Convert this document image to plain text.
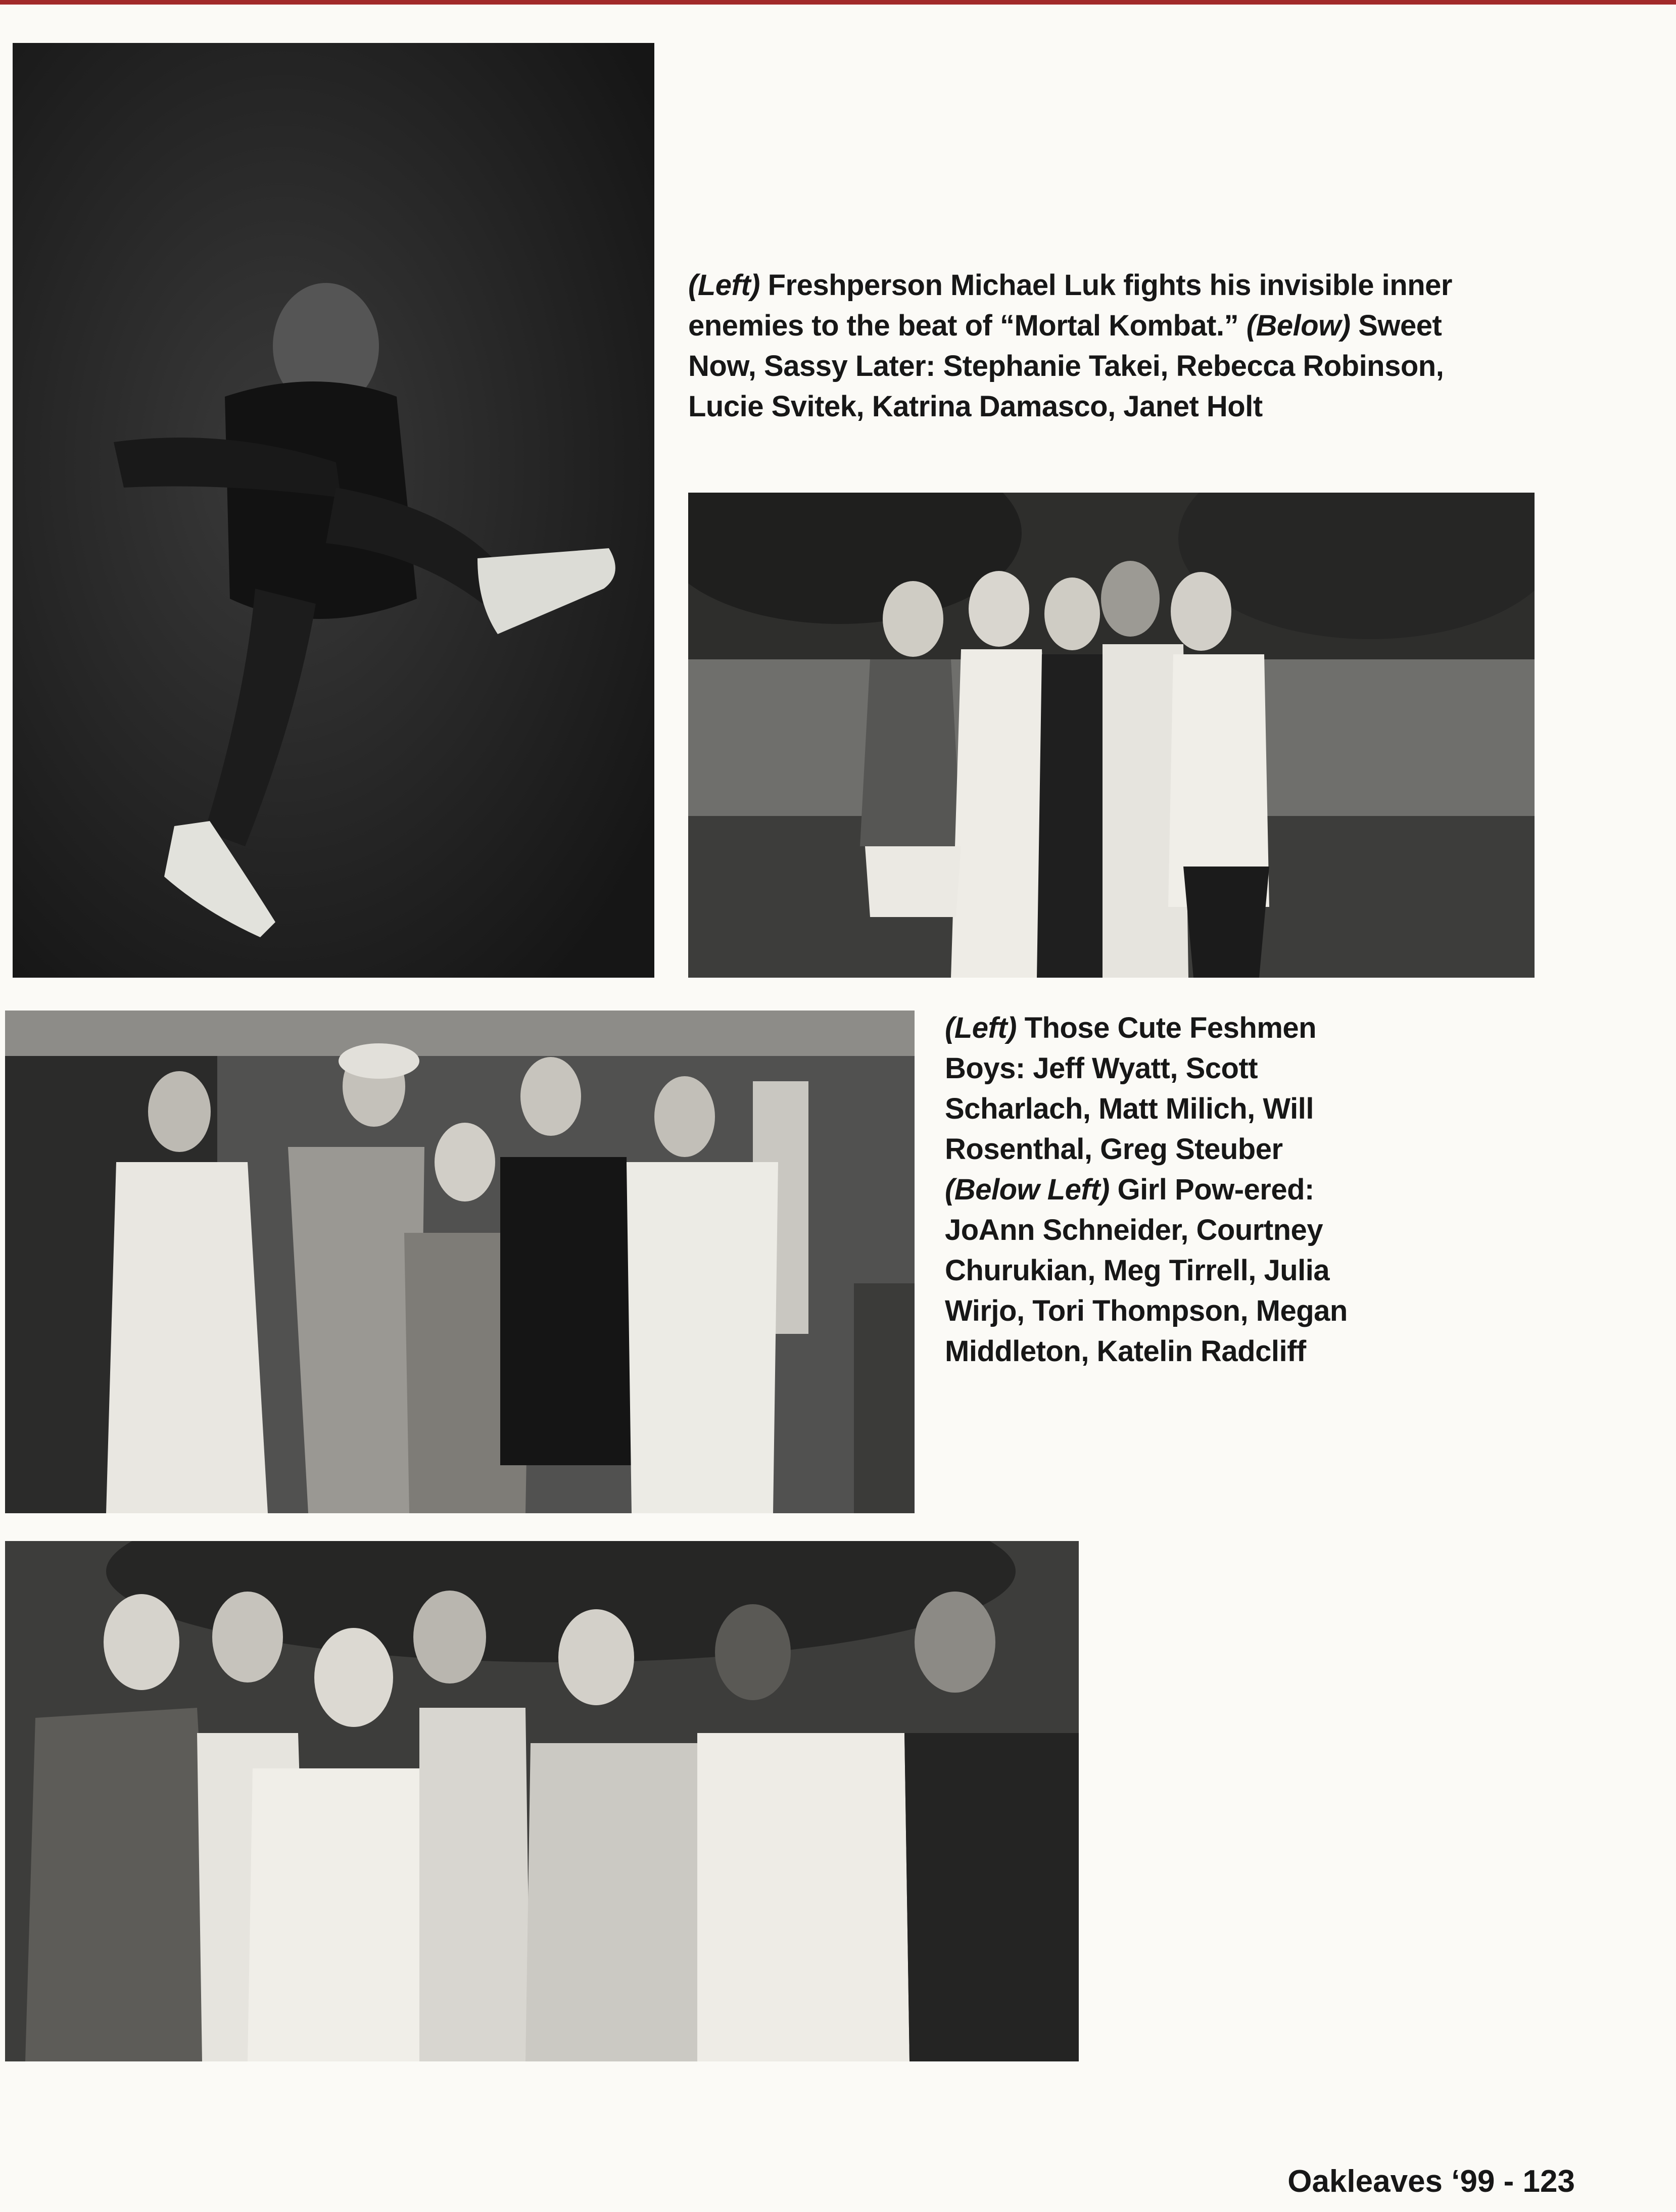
(Left) Freshperson Michael Luk fights his invisible inner enemies to the beat of “Mortal Kombat.” (Below) Sweet Now, Sassy Later: Stephanie Takei, Rebecca Robinson, Lucie Svitek, Katrina Damasco, Janet Holt

(Left) Those Cute Feshmen Boys: Jeff Wyatt, Scott Scharlach, Matt Milich, Will Rosenthal, Greg Steuber (Below Left) Girl Pow-ered: JoAnn Schneider, Courtney Churukian, Meg Tirrell, Julia Wirjo, Tori Thompson, Megan Middleton, Katelin Radcliff

Oakleaves ‘99 - 123
